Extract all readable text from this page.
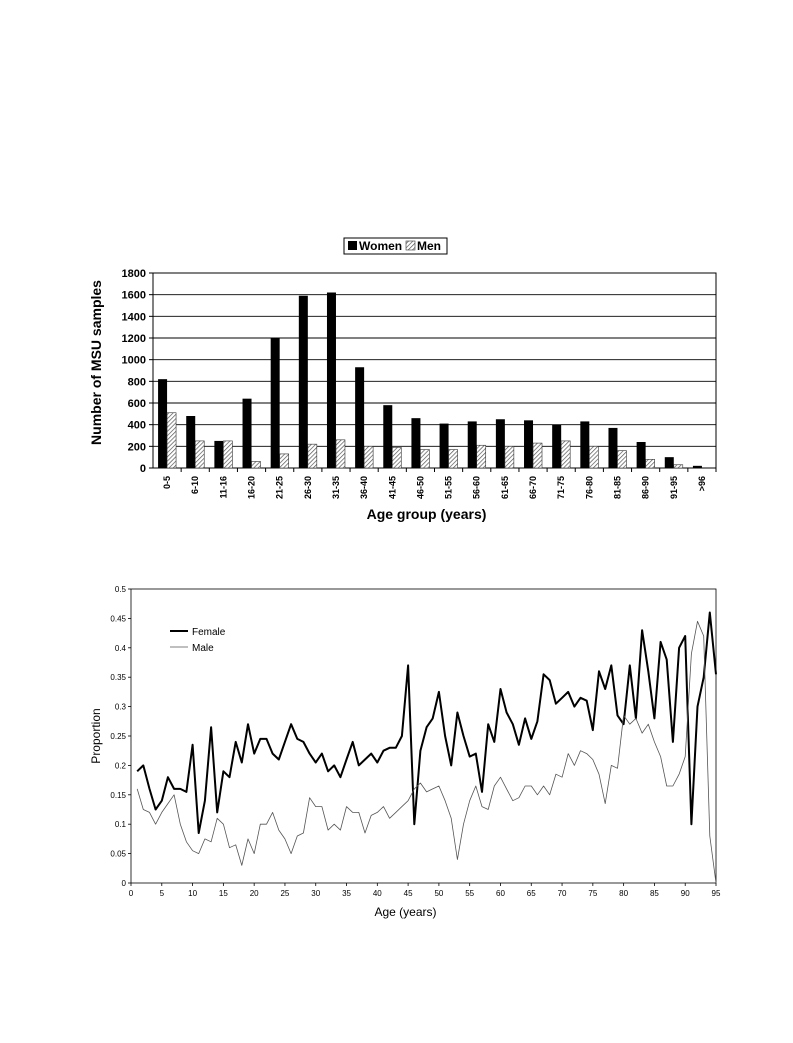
0
200
400
600
800
1000
1200
1400
1600
1800
0-5 6-10 11-16 16-20 21-25 26-30 31-35 36-40 41-45 46-50 51-55 56-60 61-65 66-70 71-75 76-80 81-85 86-90 91-95 >96
Age group (years)
Number of MSU samples
Women Men
0
0.05
0.1
0.15
0.2
0.25
0.3
0.35
0.4
0.45
0.5
0	5	10	15	20	25	30	35	40	45	50	55	60	65	70	75	80	85	90	95
Female
Male
Age (years)
Proportion
